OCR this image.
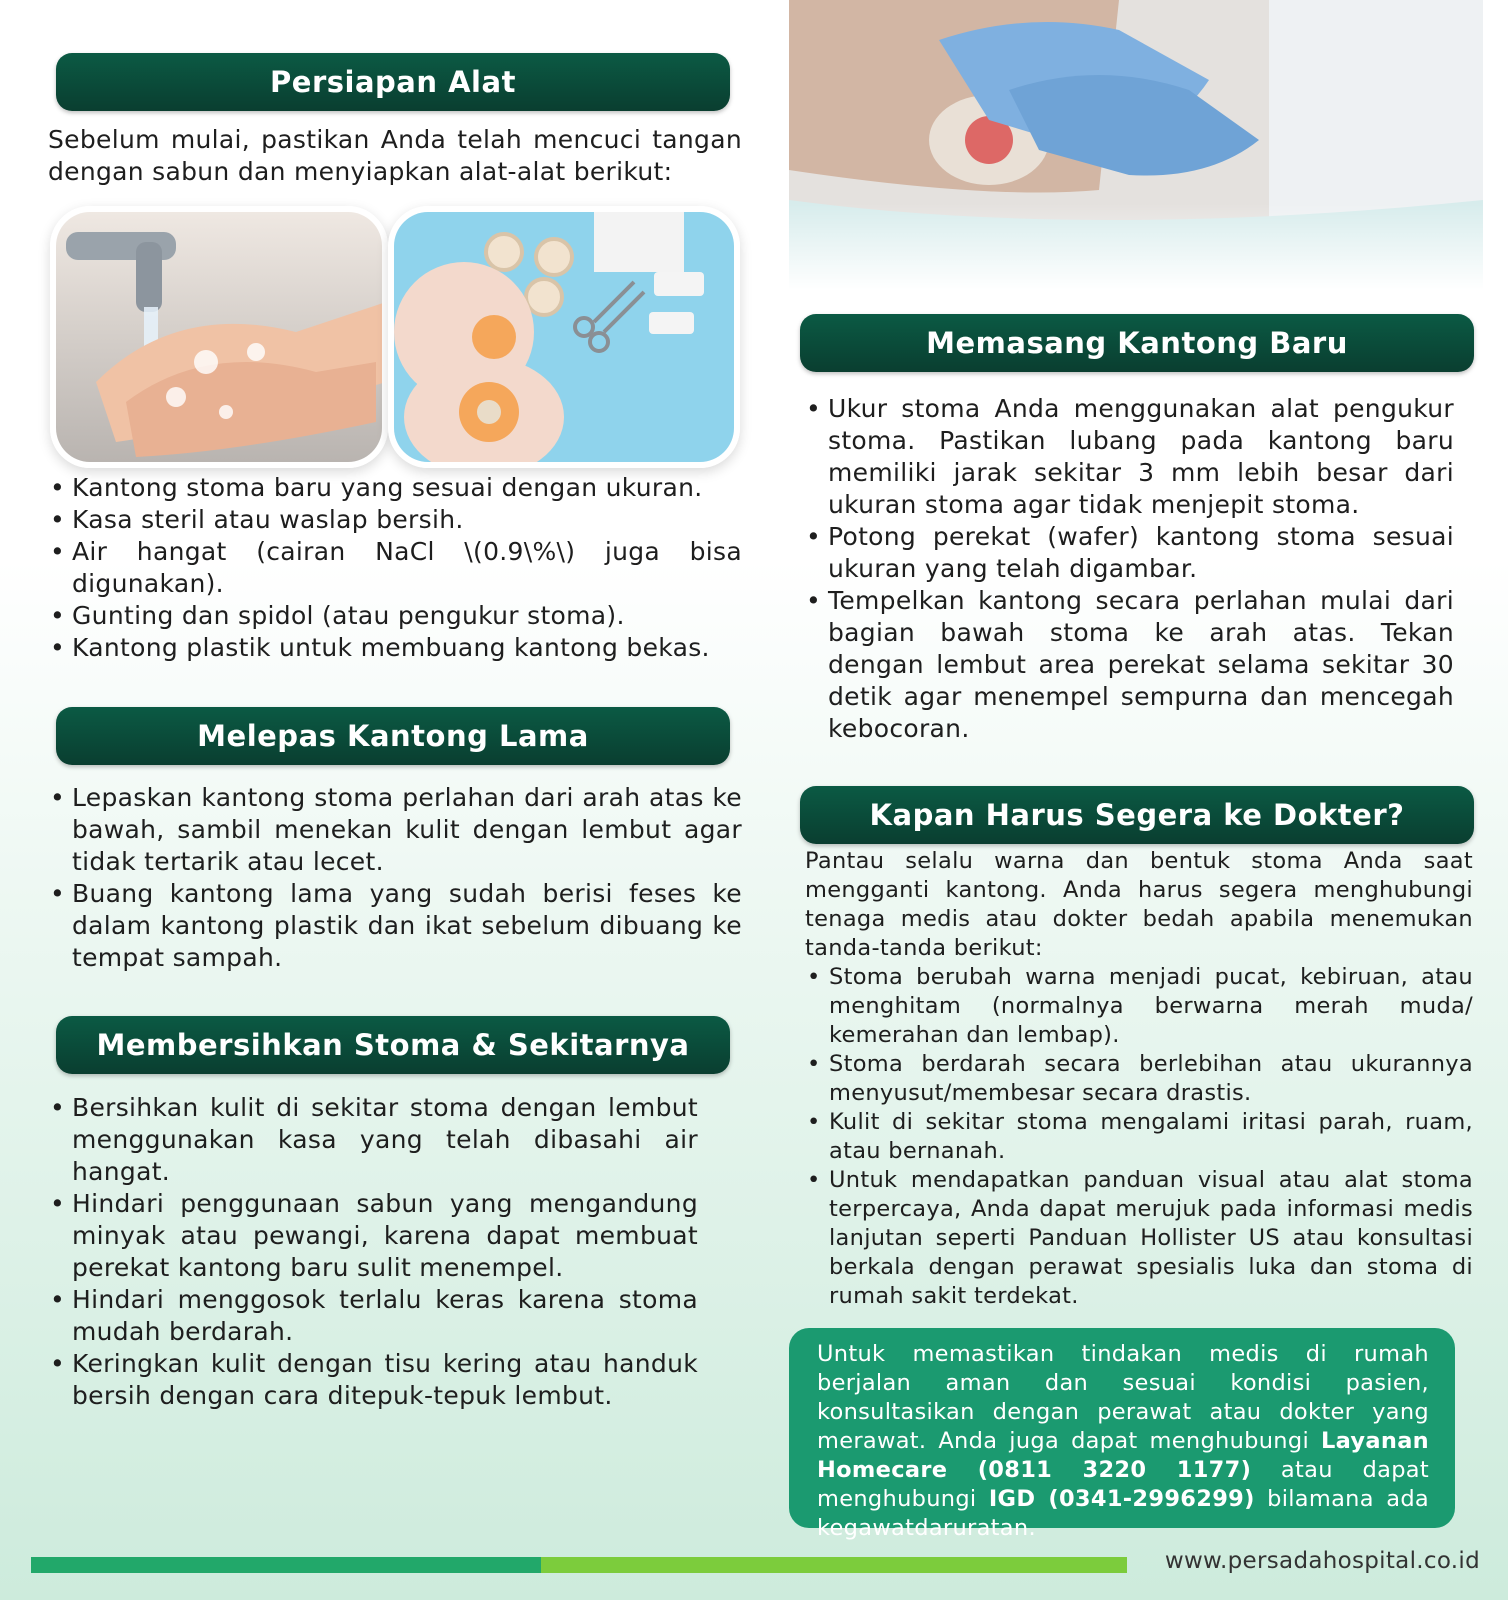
Persiapan Alat
Sebelum mulai, pastikan Anda telah mencuci tangan dengan sabun dan menyiapkan alat-alat berikut:
• Kantong stoma baru yang sesuai dengan ukuran.
• Kasa steril atau waslap bersih.
• Air hangat (cairan NaCl \(0.9\%\) juga bisa digunakan).
• Gunting dan spidol (atau pengukur stoma).
• Kantong plastik untuk membuang kantong bekas.
Melepas Kantong Lama
• Lepaskan kantong stoma perlahan dari arah atas ke bawah, sambil menekan kulit dengan lembut agar tidak tertarik atau lecet.
• Buang kantong lama yang sudah berisi feses ke dalam kantong plastik dan ikat sebelum dibuang ke tempat sampah.
Membersihkan Stoma & Sekitarnya
• Bersihkan kulit di sekitar stoma dengan lembut menggunakan kasa yang telah dibasahi air hangat.
• Hindari penggunaan sabun yang mengandung minyak atau pewangi, karena dapat membuat perekat kantong baru sulit menempel.
• Hindari menggosok terlalu keras karena stoma mudah berdarah.
• Keringkan kulit dengan tisu kering atau handuk bersih dengan cara ditepuk-tepuk lembut.
Memasang Kantong Baru
• Ukur stoma Anda menggunakan alat pengukur stoma. Pastikan lubang pada kantong baru memiliki jarak sekitar 3 mm lebih besar dari ukuran stoma agar tidak menjepit stoma.
• Potong perekat (wafer) kantong stoma sesuai ukuran yang telah digambar.
• Tempelkan kantong secara perlahan mulai dari bagian bawah stoma ke arah atas. Tekan dengan lembut area perekat selama sekitar 30 detik agar menempel sempurna dan mencegah kebocoran.
Kapan Harus Segera ke Dokter?
Pantau selalu warna dan bentuk stoma Anda saat mengganti kantong. Anda harus segera menghubungi tenaga medis atau dokter bedah apabila menemukan tanda-tanda berikut:
• Stoma berubah warna menjadi pucat, kebiruan, atau menghitam (normalnya berwarna merah muda/ kemerahan dan lembap).
• Stoma berdarah secara berlebihan atau ukurannya menyusut/membesar secara drastis.
• Kulit di sekitar stoma mengalami iritasi parah, ruam, atau bernanah.
• Untuk mendapatkan panduan visual atau alat stoma terpercaya, Anda dapat merujuk pada informasi medis lanjutan seperti Panduan Hollister US atau konsultasi berkala dengan perawat spesialis luka dan stoma di rumah sakit terdekat.

Untuk memastikan tindakan medis di rumah berjalan aman dan sesuai kondisi pasien, konsultasikan dengan perawat atau dokter yang merawat. Anda juga dapat menghubungi Layanan Homecare (0811 3220 1177) atau dapat menghubungi IGD (0341-2996299) bilamana ada kegawatdaruratan.

www.persadahospital.co.id
